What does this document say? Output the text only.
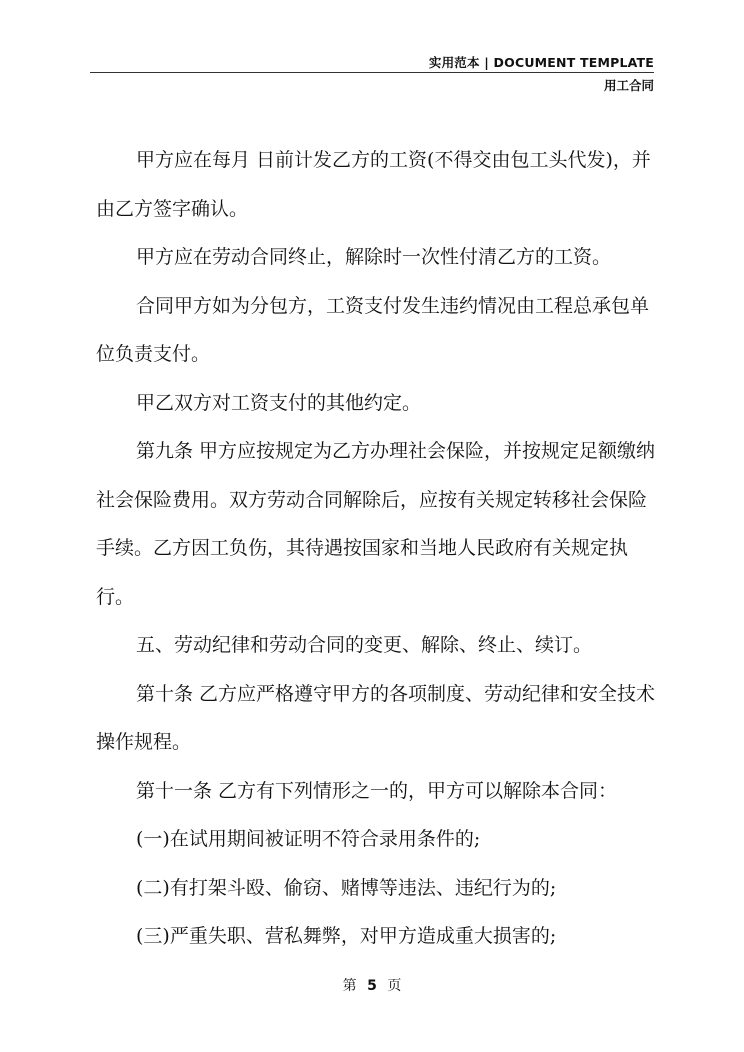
实用范本 | DOCUMENT TEMPLATE
用工合同

甲方应在每月 日前计发乙方的工资(不得交由包工头代发)，并由乙方签字确认。

甲方应在劳动合同终止，解除时一次性付清乙方的工资。

合同甲方如为分包方，工资支付发生违约情况由工程总承包单位负责支付。

甲乙双方对工资支付的其他约定。

第九条 甲方应按规定为乙方办理社会保险，并按规定足额缴纳社会保险费用。双方劳动合同解除后，应按有关规定转移社会保险手续。乙方因工负伤，其待遇按国家和当地人民政府有关规定执行。

五、劳动纪律和劳动合同的变更、解除、终止、续订。

第十条 乙方应严格遵守甲方的各项制度、劳动纪律和安全技术操作规程。

第十一条 乙方有下列情形之一的，甲方可以解除本合同：

(一)在试用期间被证明不符合录用条件的;

(二)有打架斗殴、偷窃、赌博等违法、违纪行为的;

(三)严重失职、营私舞弊，对甲方造成重大损害的;

第 5 页
